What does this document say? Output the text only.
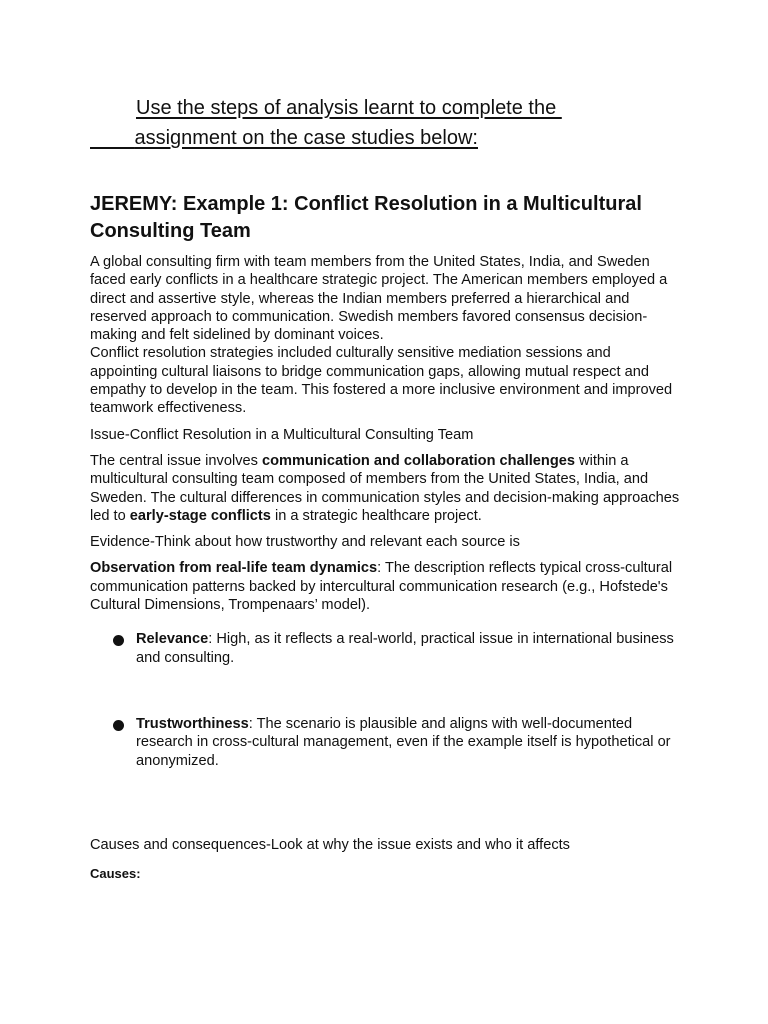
Use the steps of analysis learnt to complete the
assignment on the case studies below:
JEREMY: Example 1: Conflict Resolution in a Multicultural Consulting Team

A global consulting firm with team members from the United States, India, and Sweden faced early conflicts in a healthcare strategic project. The American members employed a direct and assertive style, whereas the Indian members preferred a hierarchical and reserved approach to communication. Swedish members favored consensus decision-making and felt sidelined by dominant voices.

Conflict resolution strategies included culturally sensitive mediation sessions and appointing cultural liaisons to bridge communication gaps, allowing mutual respect and empathy to develop in the team. This fostered a more inclusive environment and improved teamwork effectiveness.

Issue-Conflict Resolution in a Multicultural Consulting Team

The central issue involves communication and collaboration challenges within a multicultural consulting team composed of members from the United States, India, and Sweden. The cultural differences in communication styles and decision-making approaches led to early-stage conflicts in a strategic healthcare project.

Evidence-Think about how trustworthy and relevant each source is

Observation from real-life team dynamics: The description reflects typical cross-cultural communication patterns backed by intercultural communication research (e.g., Hofstede's Cultural Dimensions, Trompenaars’ model).

Relevance: High, as it reflects a real-world, practical issue in international business and consulting.
Trustworthiness: The scenario is plausible and aligns with well-documented research in cross-cultural management, even if the example itself is hypothetical or anonymized.

Causes and consequences-Look at why the issue exists and who it affects

Causes:
